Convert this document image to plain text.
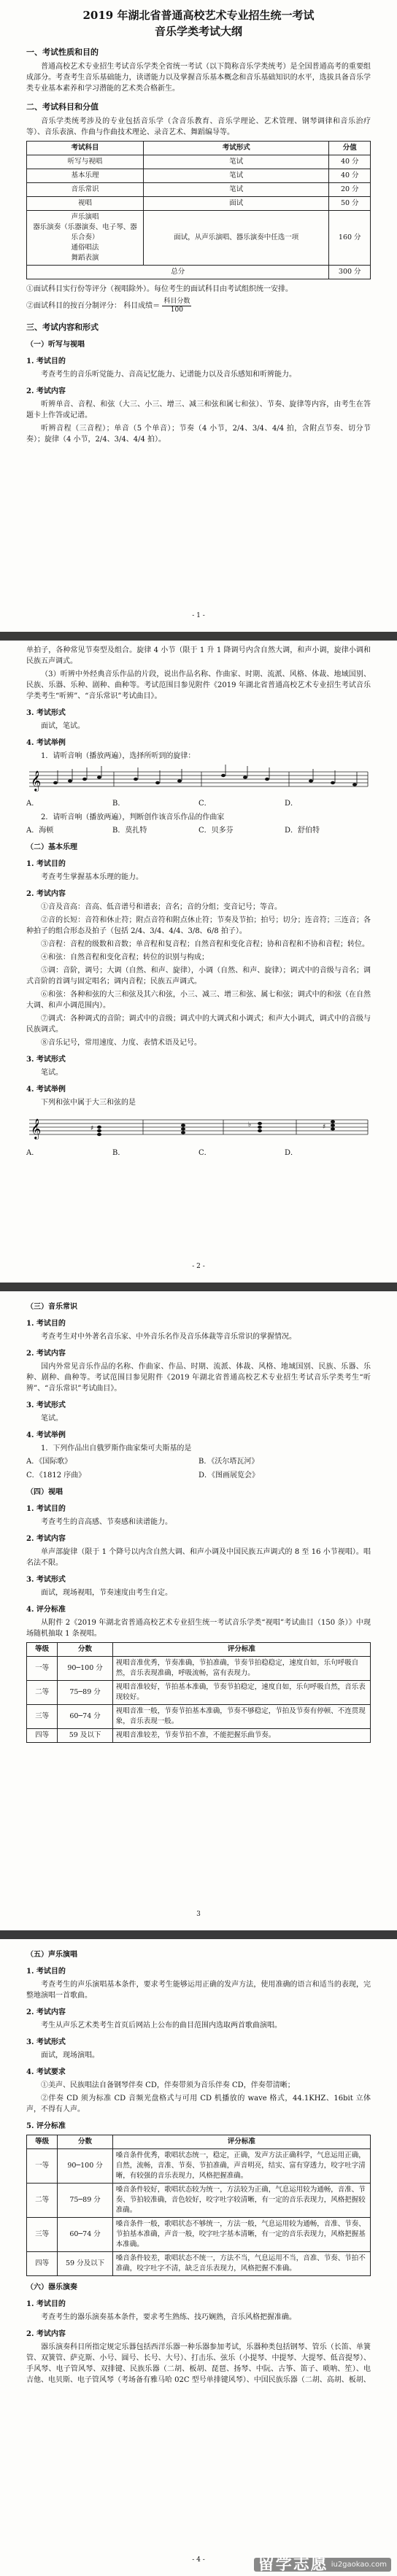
2019 年湖北省普通高校艺术专业招生统一考试
音乐学类考试大纲
一、考试性质和目的

普通高校艺术专业招生考试音乐学类全省统一考试（以下简称音乐学类统考）是全国普通高考的重要组成部分。考查考生音乐基础能力，读谱能力以及掌握音乐基本概念和音乐基础知识的水平，选拔具备音乐学类专业基本素养和学习潜能的艺术类合格新生。

二、考试科目和分值

音乐学类统考涉及的专业包括音乐学（含音乐教育、音乐学理论、艺术管理、钢琴调律和音乐治疗等）、音乐表演、作曲与作曲技术理论、录音艺术、舞蹈编导等。

考试科目	考试形式	分值
听写与视唱	笔试	40 分
基本乐理	笔试	40 分
音乐常识	笔试	20 分
视唱	面试	50 分
声乐演唱
器乐演奏（乐器演奏、电子琴、器乐合奏）
通俗唱法
舞蹈表演	面试，从声乐演唱、器乐演奏中任选一项	160 分
总分		300 分

①面试科目实行份等评分（视唱除外）。每位考生的面试科目由考试组织统一安排。

②面试科目的按百分制评分： 科目成绩＝ $\frac{\text{科目分数}}{100}$

三、考试内容和形式
（一）听写与视唱
1. 考试目的

考查考生的音乐听觉能力、音高记忆能力、记谱能力以及音乐感知和听辨能力。

2. 考试内容

听辨单音、音程、和弦（大三、小三、增三、减三和弦和属七和弦）、节奏、旋律等内容，由考生在答题卡上作答或记谱。

听辨音程（三音程）；单音（5 个单音）；节奏（4 小节，2/4、3/4、4/4 拍，含附点节奏、切分节奏）；旋律（4 小节，2/4、3/4、4/4 拍）。

- 1 -

单拍子，各种常见节奏型及组合。旋律 4 小节（限于 1 升 1 降调号内含自然大调，和声小调，旋律小调和民族五声调式。

（3）听辨中外经典音乐作品的片段，说出作品名称、作曲家、时期、流派、风格、体裁、地域国别、民族、乐器、乐种、剧种、曲种等。考试范围目参见附件《2019 年湖北省普通高校艺术专业招生考试音乐学类考生“听辨”、“音乐常识”考试曲目》。

3. 考试形式

面试，笔试。

4. 考试举例

1．请听音响（播放两遍），选择所听到的旋律：

𝄞
A．	B．	C．	D．

2．请听音响（播放两遍），判断创作该音乐作品的作曲家

A．海顿	B．莫扎特	C．贝多芬	D．舒伯特
（二）基本乐理
1. 考试目的

考查考生掌握基本乐理的能力。

2. 考试内容

①音及音高：音高、低音谱号和谱表；音名；音的分组；变音记号；等音。

②音的长短：音符和休止符；附点音符和附点休止符；节奏及节拍；拍号；切分；连音符；三连音；各种拍子的组合形态及拍子（包括 2/4、3/4、4/4、3/8、6/8 拍子）。

③音程：音程的级数和音数；单音程和复音程；自然音程和变化音程；协和音程和不协和音程；转位。

④和弦：自然音程和变化音程；转位的识别与构成；

⑤调：音阶，调号；大调（自然、和声、旋律），小调（自然、和声、旋律）；调式中的音级与音名；调式音阶的首调与固定唱名；调内音程；民族五声调式。

⑥和弦：各种和弦的大三和弦及其六和弦，小三、减三、增三和弦、属七和弦；调式中的和弦（在自然大调、和声小调范围内）。

⑦调式：各种调式的音阶；调式中的音级；调式中的大调式和小调式；和声大小调式，调式中的音级与民族调式。

⑧音乐记号，常用速度、力度、表情术语及记号。

3. 考试形式

笔试。

4. 考试举例

下列和弦中属于大三和弦的是

𝄞	♯	♭	♯
A．	B．	C．	D．
- 2 -
（三）音乐常识
1. 考试目的

考查考生对中外著名音乐家、中外音乐名作及音乐体裁等音乐常识的掌握情况。

2. 考试内容

国内外常见音乐作品的名称、作曲家、作品、时期、流派、体裁、风格、地域国别、民族、乐器、乐种、剧种、曲种等。考试范围目参见附件《2019 年湖北省普通高校艺术专业招生考试音乐学类考生“听辨”、“音乐常识”考试曲目》。

3. 考试形式

笔试。

4. 考试举例

1．下列作品出自俄罗斯作曲家柴可夫斯基的是

A．《国际歌》	B．《沃尔塔瓦河》
C．《1812 序曲》	D．《图画展览会》
（四）视唱
1. 考试目的

考查考生的音高感、节奏感和读谱能力。

2. 考试内容

单声部旋律（限于 1 个降号以内含自然大调、和声小调及中国民族五声调式的 8 至 16 小节视唱）。唱名法不限。

3. 考试形式

面试，现场视唱，节奏速度由考生自定。

4. 评分标准

从附件 2《2019 年湖北省普通高校艺术专业招生统一考试音乐学类“视唱”考试曲目（150 条）》中现场随机抽取 1 条视唱。

等级	分数	评分标准
一等	90─100 分	视唱音准优秀，节奏准确，节拍准确，节奏节拍稳稳定，速度自如，乐句呼吸自然，音乐表现准确，呼吸流畅，富有表现力。
二等	75─89 分	视唱音准较好，节拍基本准确，节奏节拍稳定，速度自如，乐句呼吸自然，音乐表现较好。
三等	60─74 分	视唱音准一般，节奏节拍基本准确，节奏不够稳定，节拍及节奏有停顿、不连贯现象，音乐表现一般。
四等	59 及以下	视唱音准较差，节奏节拍不准，不能把握乐曲节奏。
3
（五）声乐演唱
1. 考试目的

考查考生的声乐演唱基本条件，要求考生能够运用正确的发声方法，使用准确的语言和适当的表现，完整地演唱一首歌曲。

2. 考试内容

考生从声乐艺术类考生首页后网站上公布的曲目范围内选取两首歌曲演唱。

3. 考试形式

面试，现场演唱。

4. 考试要求

①美声、民族唱法自备钢琴伴奏 CD，伴奏带须为音乐伴奏 CD，伴奏带清晰；

②伴奏 CD 须为标准 CD 音频光盘格式与可用 CD 机播放的 wave 格式，44.1KHZ、16bit 立体声，不得有人声。

5. 评分标准
等级	分数	评分标准
一等	90─100 分	嗓音条件优秀，歌唱状态统一，稳定，正确，发声方法正确科学，气息运用正确，自然，流畅，音准、节奏、节拍准确，声音明亮，结实、富有穿透力，咬字吐字清晰，有较强的音乐表现力，风格把握准确。
二等	75─89 分	嗓音条件较好，歌唱状态较为统一，方法较为正确，气息运用较为通畅，音准、节奏、节拍较准确，音色较好，咬字吐字较清晰，有一定的音乐表现力，风格把握较准确。
三等	60─74 分	嗓音条件一般，歌唱状态不够统一，方法一般，气息运用较为通畅，音准、节奏、节拍基本准确，声音一般，咬字吐字基本清晰，有一定的音乐表现力，风格把握基本准确。
四等	59 分及以下	嗓音条件较差，歌唱状态不统一，方法不当，气息运用不当，音准、节奏、节拍不准确，咬字吐字不清，缺乏音乐表现力，风格把握不准确。
（六）器乐演奏
1. 考试目的

考查考生的器乐演奏基本条件，要求考生熟练、技巧娴熟，音乐风格把握准确。

2. 考试内容

器乐演奏科目所指定规定乐器包括西洋乐器一种乐器参加考试，乐器种类包括钢琴、管乐（长笛、单簧管、双簧管、萨克斯、小号、圆号、长号、大号）、打击乐、弦乐（小提琴、中提琴、大提琴、低音提琴）、手风琴、电子管风琴、双排键、民族乐器（二胡、板胡、琵琶、扬琴、中阮、古筝、笛子、唢呐、笙）、电吉他、电贝斯、电子管风琴（考场备有雅马哈 02C 型号单排键风琴）、中国民族乐器（二胡、高胡、板胡、

- 4 -	留学志愿 iu2gaokao.com
